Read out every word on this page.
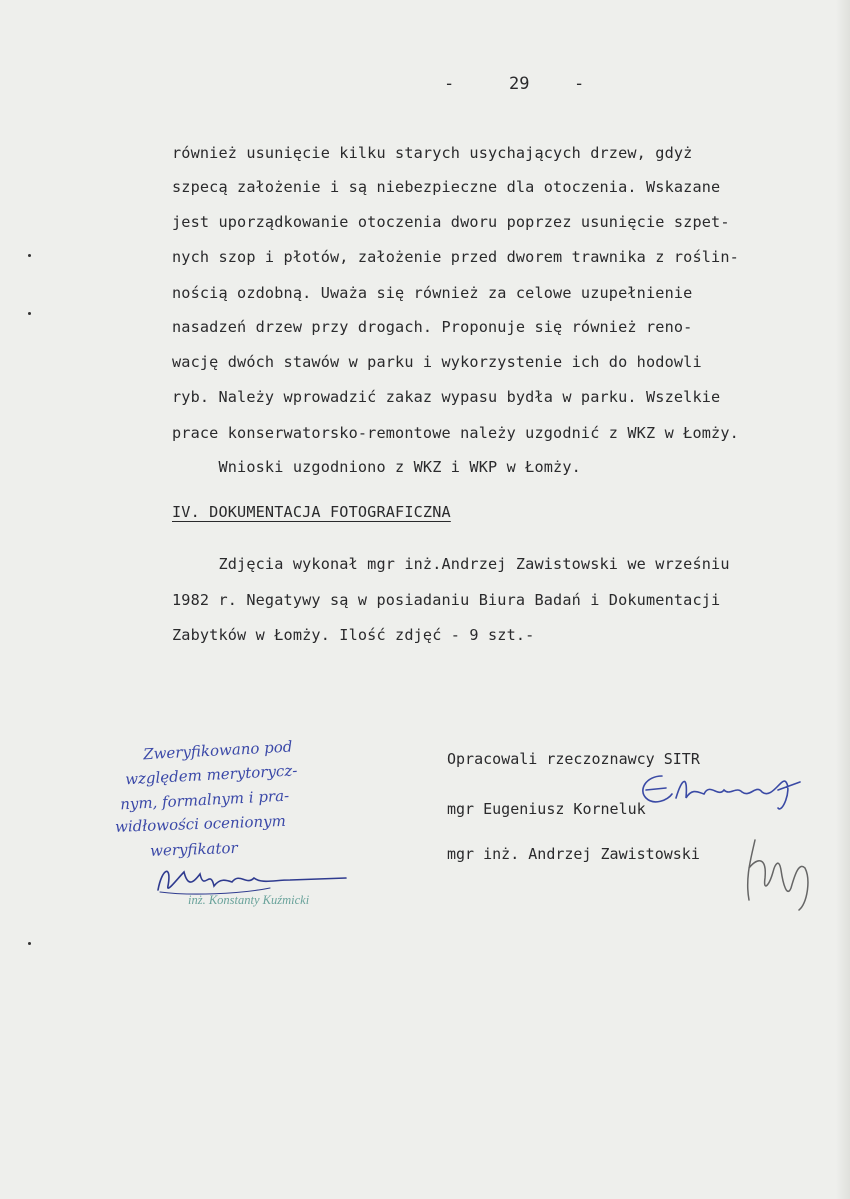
-	29	-
również usunięcie kilku starych usychających drzew, gdyż
szpecą założenie i są niebezpieczne dla otoczenia. Wskazane
jest uporządkowanie otoczenia dworu poprzez usunięcie szpet-
nych szop i płotów, założenie przed dworem trawnika z roślin-
nością ozdobną. Uważa się również za celowe uzupełnienie
nasadzeń drzew przy drogach. Proponuje się również reno-
wację dwóch stawów w parku i wykorzystenie ich do hodowli
ryb. Należy wprowadzić zakaz wypasu bydła w parku. Wszelkie
prace konserwatorsko-remontowe należy uzgodnić z WKZ w Łomży.
Wnioski uzgodniono z WKZ i WKP w Łomży.
IV. DOKUMENTACJA FOTOGRAFICZNA
Zdjęcia wykonał mgr inż.Andrzej Zawistowski we wrześniu
1982 r. Negatywy są w posiadaniu Biura Badań i Dokumentacji
Zabytków w Łomży. Ilość zdjęć - 9 szt.-
Opracowali rzeczoznawcy SITR
mgr Eugeniusz Korneluk
mgr inż. Andrzej Zawistowski
Zweryfikowano pod
względem merytorycz-
nym, formalnym i pra-
widłowości ocenionym
weryfikator
inż. Konstanty Kuźmicki
